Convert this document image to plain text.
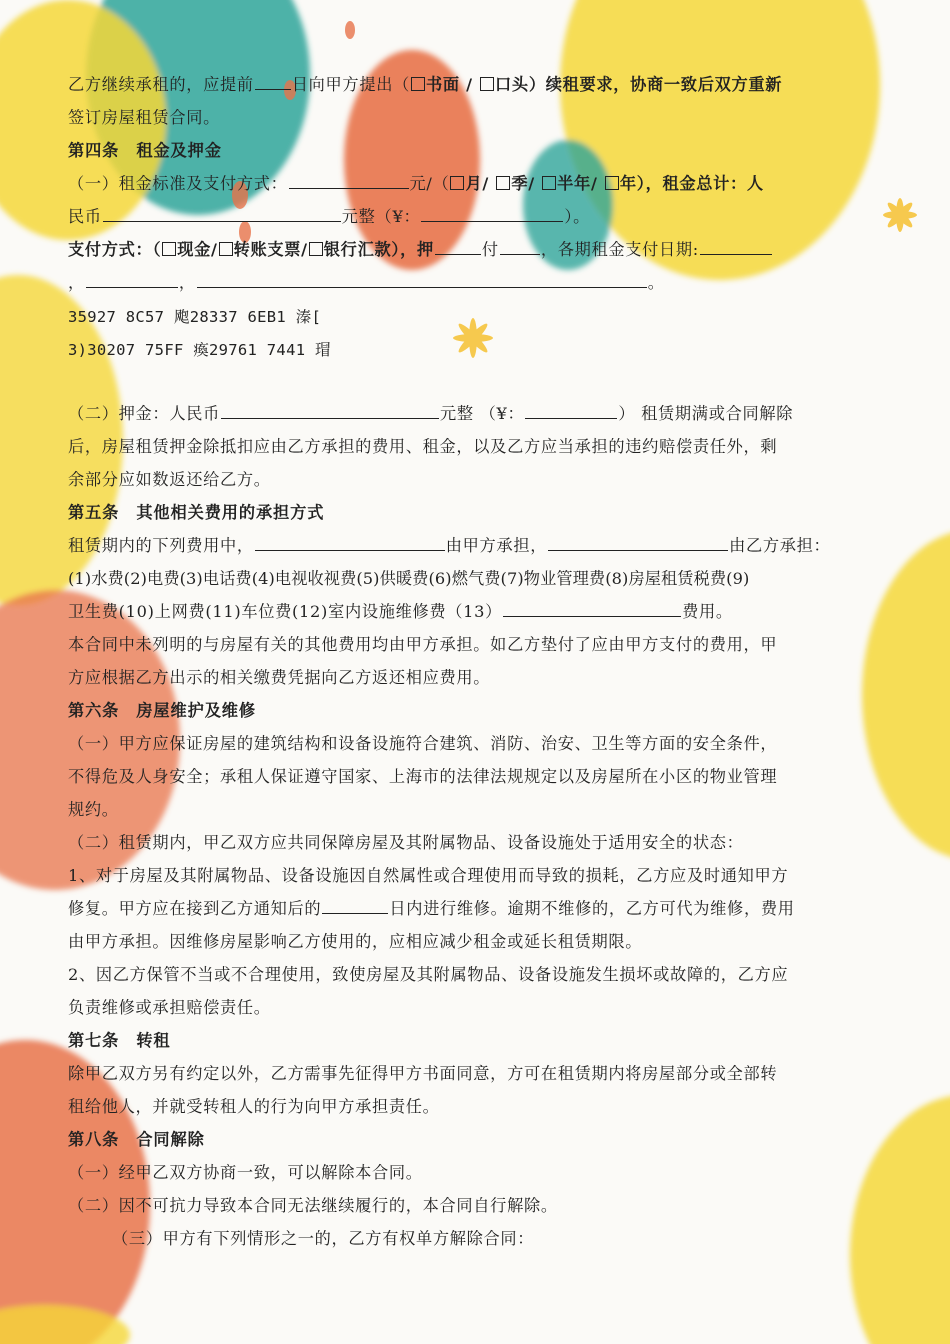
乙方继续承租的，应提前 日向甲方提出（ 书面 / 口头）续租要求，协商一致后双方重新
签订房屋租赁合同。
第四条　租金及押金
（一）租金标准及支付方式：	元/（ 月/ 季/ 半年/ 年），租金总计：人
民币	元整（¥：	）。
支付方式：（ 现金/ 转账支票/ 银行汇款），押	付	，各期租金支付日期:
，	，	。
35927 8C57 飑28337 6EB1 溱[
3)30207 75FF 瘓29761 7441 瑁
（二）押金：人民币	元整 （¥：	） 租赁期满或合同解除
后，房屋租赁押金除抵扣应由乙方承担的费用、租金，以及乙方应当承担的违约赔偿责任外，剩
余部分应如数返还给乙方。
第五条　其他相关费用的承担方式
租赁期内的下列费用中，	由甲方承担，	由乙方承担：
(1)水费(2)电费(3)电话费(4)电视收视费(5)供暖费(6)燃气费(7)物业管理费(8)房屋租赁税费(9)
卫生费(10)上网费(11)车位费(12)室内设施维修费（13）	费用。
本合同中未列明的与房屋有关的其他费用均由甲方承担。如乙方垫付了应由甲方支付的费用，甲
方应根据乙方出示的相关缴费凭据向乙方返还相应费用。
第六条　房屋维护及维修
（一）甲方应保证房屋的建筑结构和设备设施符合建筑、消防、治安、卫生等方面的安全条件，
不得危及人身安全；承租人保证遵守国家、上海市的法律法规规定以及房屋所在小区的物业管理
规约。
（二）租赁期内，甲乙双方应共同保障房屋及其附属物品、设备设施处于适用安全的状态：
1、对于房屋及其附属物品、设备设施因自然属性或合理使用而导致的损耗，乙方应及时通知甲方
修复。甲方应在接到乙方通知后的	日内进行维修。逾期不维修的，乙方可代为维修，费用
由甲方承担。因维修房屋影响乙方使用的，应相应减少租金或延长租赁期限。
2、因乙方保管不当或不合理使用，致使房屋及其附属物品、设备设施发生损坏或故障的，乙方应
负责维修或承担赔偿责任。
第七条　转租
除甲乙双方另有约定以外，乙方需事先征得甲方书面同意，方可在租赁期内将房屋部分或全部转
租给他人，并就受转租人的行为向甲方承担责任。
第八条　合同解除
（一）经甲乙双方协商一致，可以解除本合同。
（二）因不可抗力导致本合同无法继续履行的，本合同自行解除。
（三）甲方有下列情形之一的，乙方有权单方解除合同：
